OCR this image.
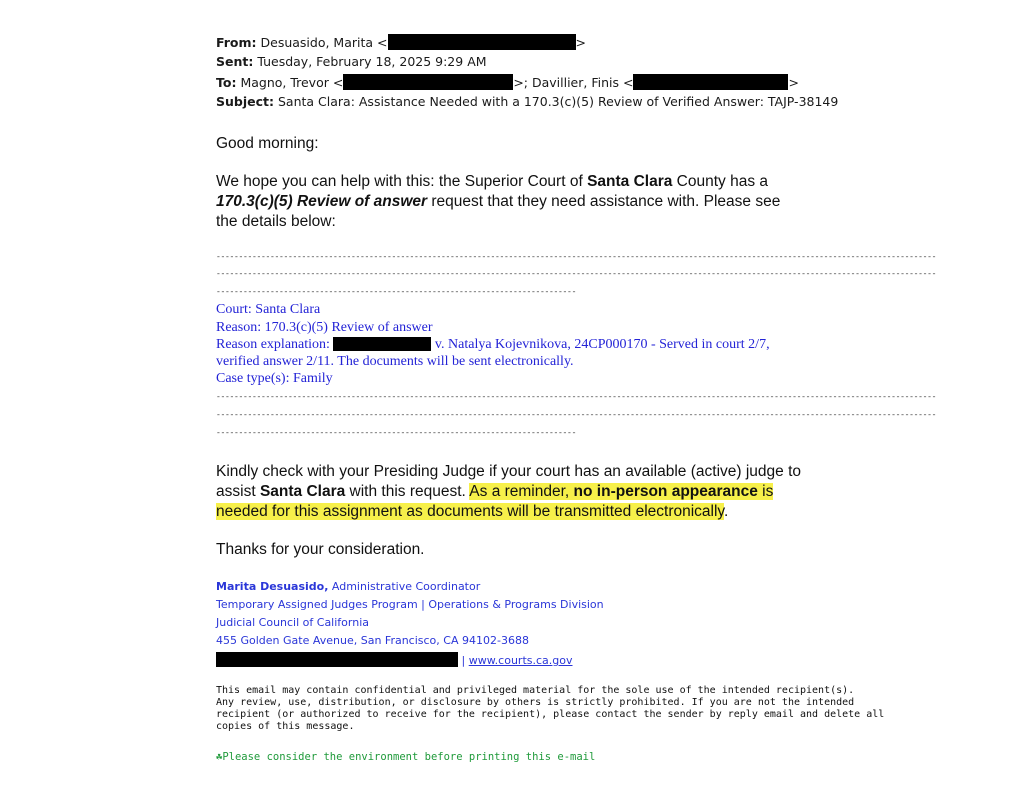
From: Desuasido, Marita <	>
Sent: Tuesday, February 18, 2025 9:29 AM
To: Magno, Trevor <	>; Davillier, Finis <	>
Subject: Santa Clara: Assistance Needed with a 170.3(c)(5) Review of Verified Answer: TAJP-38149
Good morning:
We hope you can help with this: the Superior Court of Santa Clara County has a
170.3(c)(5) Review of answer request that they need assistance with. Please see
the details below:
----------------------------------------------------------------------------------------------------------------------------------------------------------------
----------------------------------------------------------------------------------------------------------------------------------------------------------------
--------------------------------------------------------------------------------
Court: Santa Clara
Reason: 170.3(c)(5) Review of answer
Reason explanation:	v. Natalya Kojevnikova, 24CP000170 - Served in court 2/7,
verified answer 2/11. The documents will be sent electronically.
Case type(s): Family
----------------------------------------------------------------------------------------------------------------------------------------------------------------
----------------------------------------------------------------------------------------------------------------------------------------------------------------
--------------------------------------------------------------------------------
Kindly check with your Presiding Judge if your court has an available (active) judge to
assist Santa Clara with this request. As a reminder, no in-person appearance is
needed for this assignment as documents will be transmitted electronically.
Thanks for your consideration.
Marita Desuasido, Administrative Coordinator
Temporary Assigned Judges Program | Operations & Programs Division
Judicial Council of California
455 Golden Gate Avenue, San Francisco, CA 94102-3688
| www.courts.ca.gov
This email may contain confidential and privileged material for the sole use of the intended recipient(s).
Any review, use, distribution, or disclosure by others is strictly prohibited. If you are not the intended
recipient (or authorized to receive for the recipient), please contact the sender by reply email and delete all
copies of this message.
☘Please consider the environment before printing this e-mail
